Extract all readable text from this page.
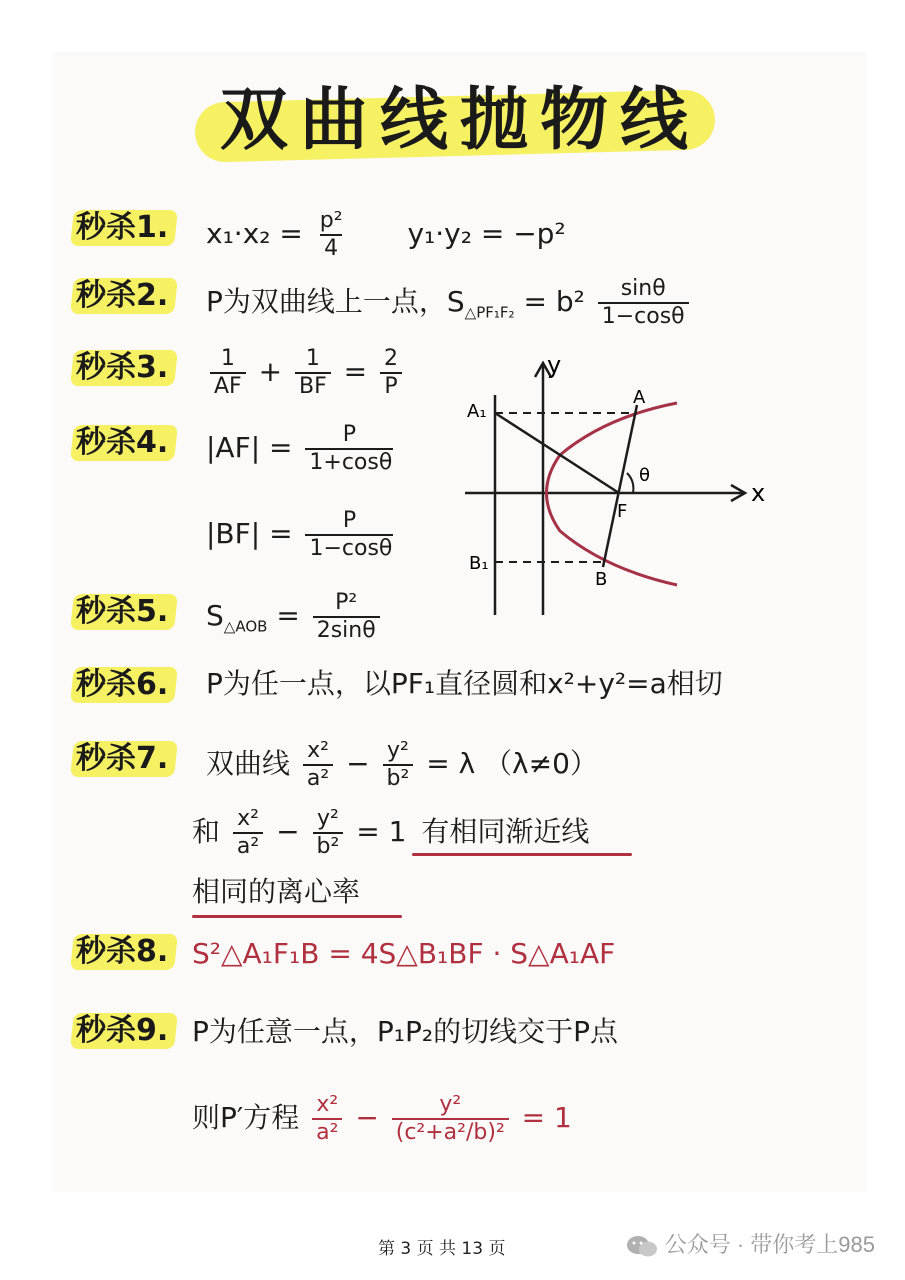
双曲线抛物线
秒杀1.
秒杀2.
秒杀3.
秒杀4.
秒杀5.
秒杀6.
秒杀7.
秒杀8.
秒杀9.
$x_1\cdot x_2 = \frac{\text{p²}}{4} y_1\cdot y_2 = -p^2$
P为双曲线上一点，$S_{\triangle PF_1F_2} = b^2 \frac{\sin\theta}{1-\cos\theta}$
$\frac{1}{AF} + \frac{1}{BF} = \frac{2}{P}$
$|AF| = \frac{P}{1+\cos\theta}$
$|BF| = \frac{P}{1-\cos\theta}$
$S_{\triangle AOB} = \frac{\text{P²}}{2\sin\theta}$
y
x
A
A₁
B
B₁
F
θ
P为任一点，以PF₁直径圆和x²+y²=a相切
双曲线 $\frac{\text{x²}}{\text{a²}} - \frac{\text{y²}}{\text{b²}} = \lambda$ （λ≠0）
和 $\frac{\text{x²}}{\text{a²}} - \frac{\text{y²}}{\text{b²}} = 1$ 有相同渐近线
相同的离心率
S²△A₁F₁B = 4S△B₁BF · S△A₁AF
P为任意一点，P₁P₂的切线交于P点
则P′方程 $\frac{\text{x²}}{\text{a²}} - \frac{\text{y²}}{\text{(c²+a²/b)²}} = 1$
第 3 页 共 13 页	公众号 · 带你考上985
